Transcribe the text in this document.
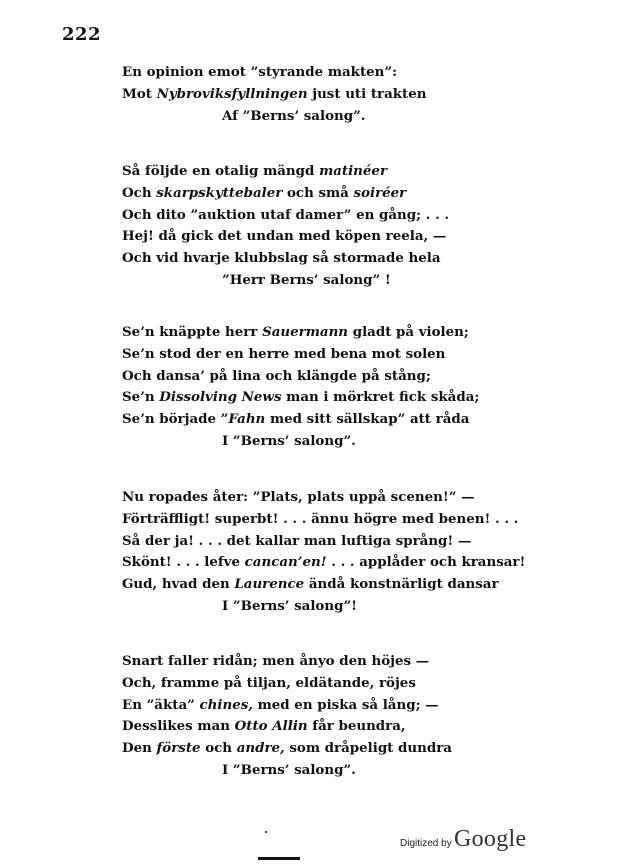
222
En opinion emot ”styrande makten”:
Mot Nybroviksfyllningen just uti trakten
Af ”Berns’ salong”.
Så följde en otalig mängd matinéer
Och skarpskyttebaler och små soiréer
Och dito ”auktion utaf damer” en gång; . . .
Hej! då gick det undan med köpen reela, —
Och vid hvarje klubbslag så stormade hela
”Herr Berns’ salong” !
Se’n knäppte herr Sauermann gladt på violen;
Se’n stod der en herre med bena mot solen
Och dansa’ på lina och klängde på stång;
Se’n Dissolving News man i mörkret fick skåda;
Se’n började ”Fahn med sitt sällskap” att råda
I ”Berns’ salong”.
Nu ropades åter: ”Plats, plats uppå scenen!” —
Förträffligt! superbt! . . . ännu högre med benen! . . .
Så der ja! . . . det kallar man luftiga språng! —
Skönt! . . . lefve cancan’en! . . . applåder och kransar!
Gud, hvad den Laurence ändå konstnärligt dansar
I ”Berns’ salong”!
Snart faller ridån; men ånyo den höjes —
Och, framme på tiljan, eldätande, röjes
En ”äkta” chines, med en piska så lång; —
Desslikes man Otto Allin får beundra,
Den förste och andre, som dråpeligt dundra
I ”Berns’ salong”.
Digitized by Google
